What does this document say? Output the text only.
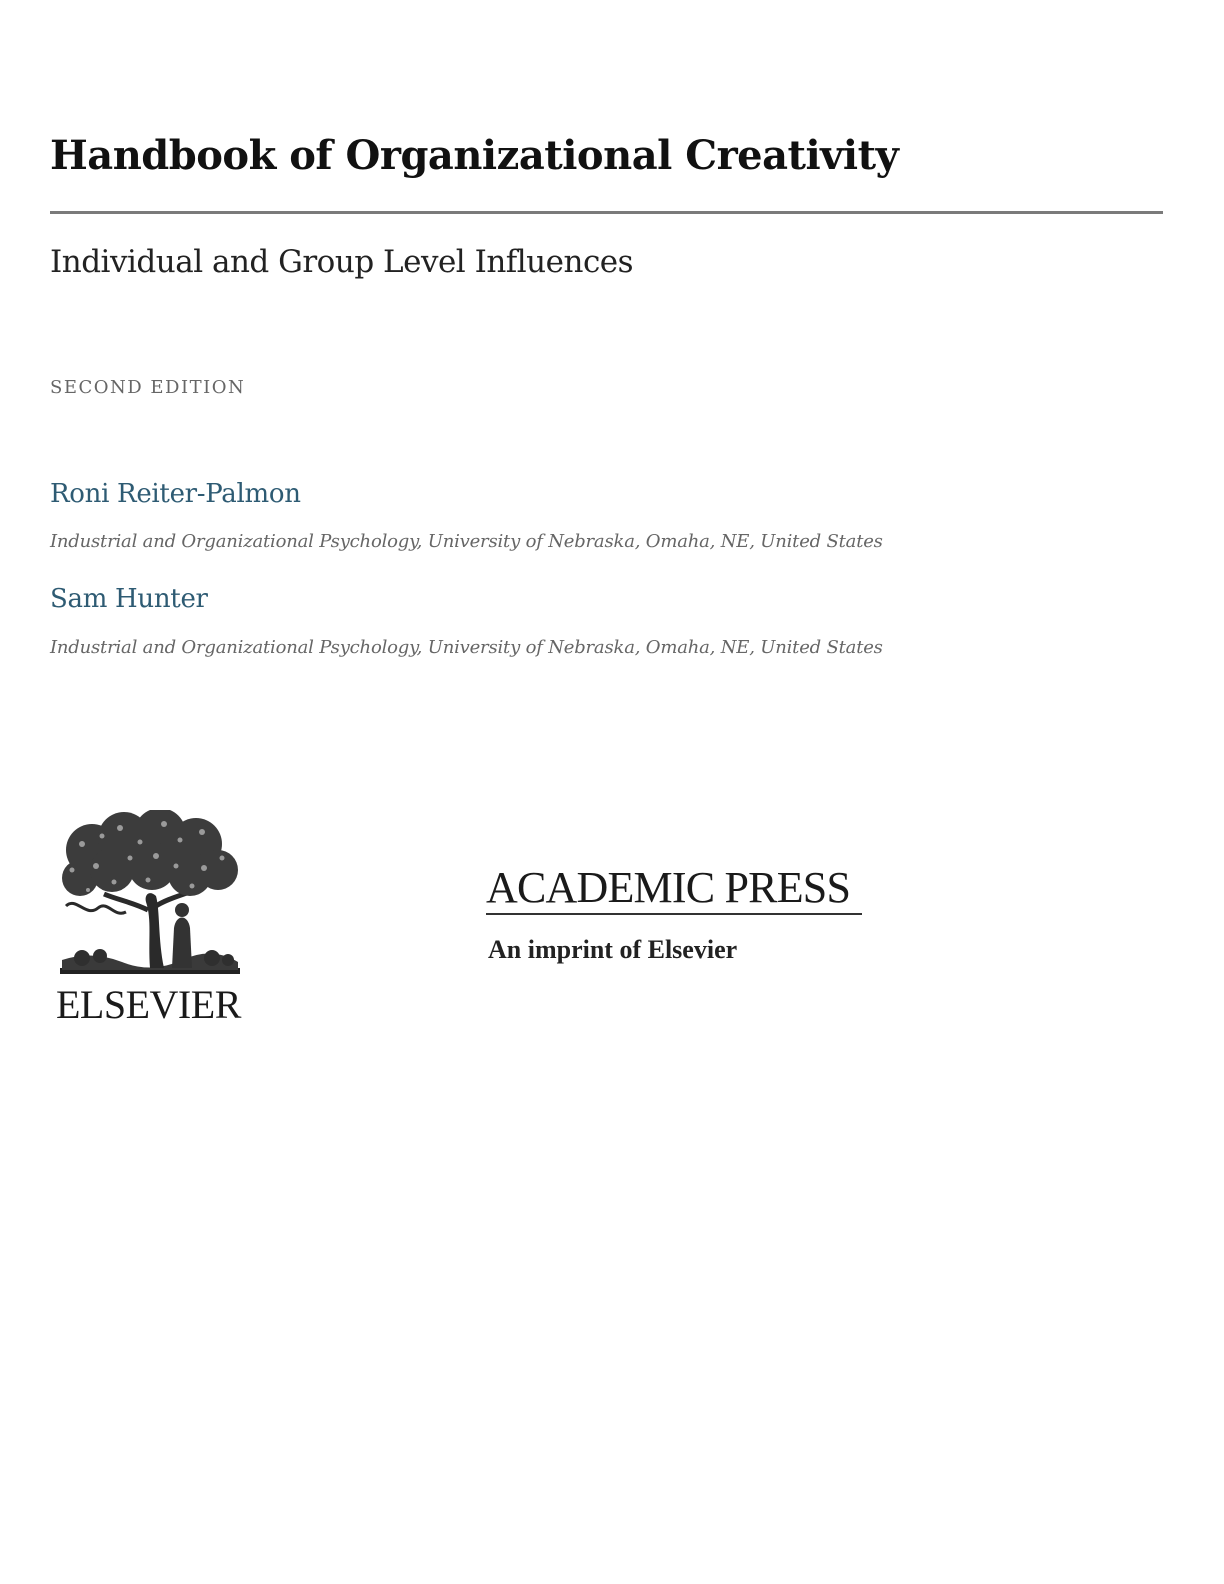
Handbook of Organizational Creativity
Individual and Group Level Influences
SECOND EDITION
Roni Reiter-Palmon
Industrial and Organizational Psychology, University of Nebraska, Omaha, NE, United States
Sam Hunter
Industrial and Organizational Psychology, University of Nebraska, Omaha, NE, United States
ELSEVIER
ACADEMIC PRESS
An imprint of Elsevier
